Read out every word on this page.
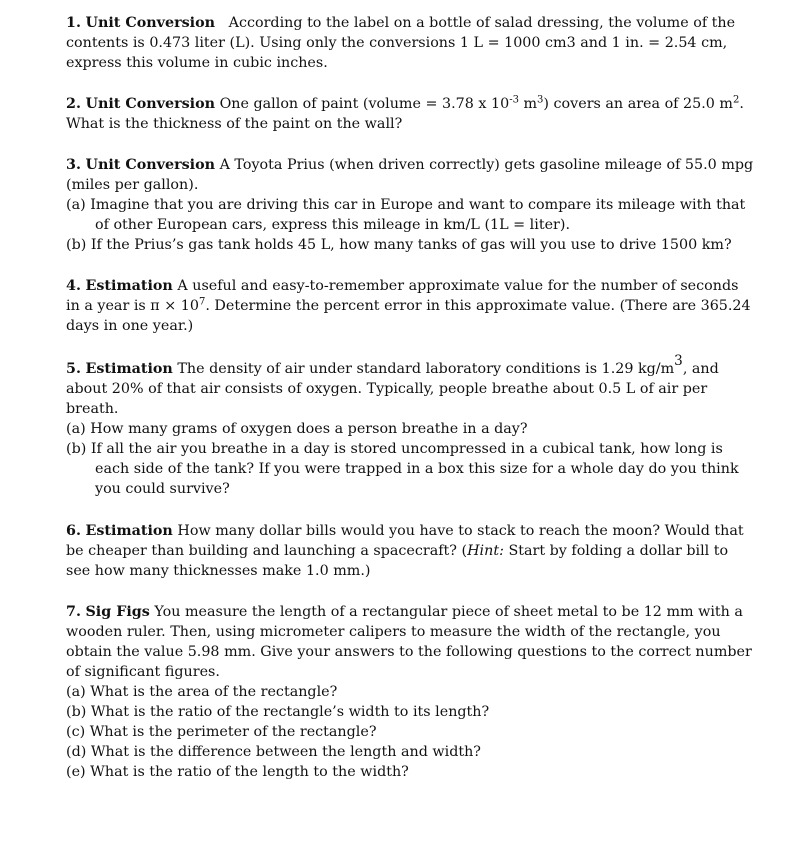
1. Unit Conversion According to the label on a bottle of salad dressing, the volume of the contents is 0.473 liter (L). Using only the conversions 1 L = 1000 cm3 and 1 in. = 2.54 cm, express this volume in cubic inches.

2. Unit Conversion One gallon of paint (volume = 3.78 x $10^{-3}$ $m^3$) covers an area of 25.0 $m^2$. What is the thickness of the paint on the wall?

3. Unit Conversion A Toyota Prius (when driven correctly) gets gasoline mileage of 55.0 mpg (miles per gallon).

(a) Imagine that you are driving this car in Europe and want to compare its mileage with that of other European cars, express this mileage in km/L (1L = liter).

(b) If the Prius’s gas tank holds 45 L, how many tanks of gas will you use to drive 1500 km?

4. Estimation A useful and easy-to-remember approximate value for the number of seconds in a year is $\pi \times 10^7$. Determine the percent error in this approximate value. (There are 365.24 days in one year.)

5. Estimation The density of air under standard laboratory conditions is 1.29 $kg/m^3$, and about 20% of that air consists of oxygen. Typically, people breathe about 0.5 L of air per breath.

(a) How many grams of oxygen does a person breathe in a day?

(b) If all the air you breathe in a day is stored uncompressed in a cubical tank, how long is each side of the tank? If you were trapped in a box this size for a whole day do you think you could survive?

6. Estimation How many dollar bills would you have to stack to reach the moon? Would that be cheaper than building and launching a spacecraft? (Hint: Start by folding a dollar bill to see how many thicknesses make 1.0 mm.)

7. Sig Figs You measure the length of a rectangular piece of sheet metal to be 12 mm with a wooden ruler. Then, using micrometer calipers to measure the width of the rectangle, you obtain the value 5.98 mm. Give your answers to the following questions to the correct number of significant figures.

(a) What is the area of the rectangle?

(b) What is the ratio of the rectangle’s width to its length?

(c) What is the perimeter of the rectangle?

(d) What is the difference between the length and width?

(e) What is the ratio of the length to the width?
